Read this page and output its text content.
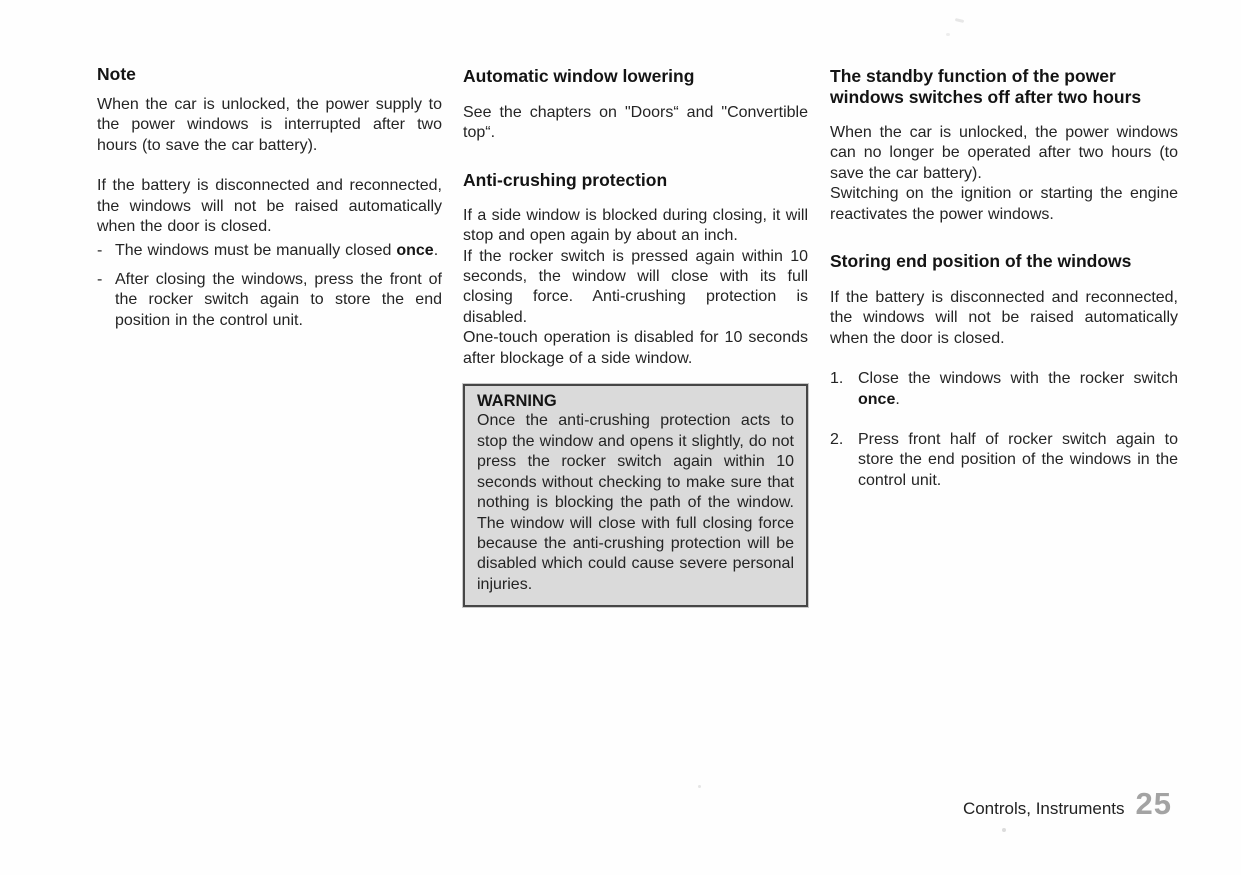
Note

When the car is unlocked, the power supply to the power windows is interrupted after two hours (to save the car battery).

If the battery is disconnected and reconnected, the windows will not be raised automatically when the door is closed.

- The windows must be manually closed once.
- After closing the windows, press the front of the rocker switch again to store the end position in the control unit.
Automatic window lowering

See the chapters on "Doors“ and "Convertible top“.

Anti-crushing protection

If a side window is blocked during closing, it will stop and open again by about an inch.

If the rocker switch is pressed again within 10 seconds, the window will close with its full closing force. Anti-crushing protection is disabled.

One-touch operation is disabled for 10 seconds after blockage of a side window.

WARNING

Once the anti-crushing protection acts to stop the window and opens it slightly, do not press the rocker switch again within 10 seconds without checking to make sure that nothing is blocking the path of the window. The window will close with full closing force because the anti-crushing protection will be disabled which could cause severe personal injuries.

The standby function of the power windows switches off after two hours

When the car is unlocked, the power windows can no longer be operated after two hours (to save the car battery).

Switching on the ignition or starting the engine reactivates the power windows.

Storing end position of the windows

If the battery is disconnected and reconnected, the windows will not be raised automatically when the door is closed.

1. Close the windows with the rocker switch once.
2. Press front half of rocker switch again to store the end position of the windows in the control unit.
Controls, Instruments 25
